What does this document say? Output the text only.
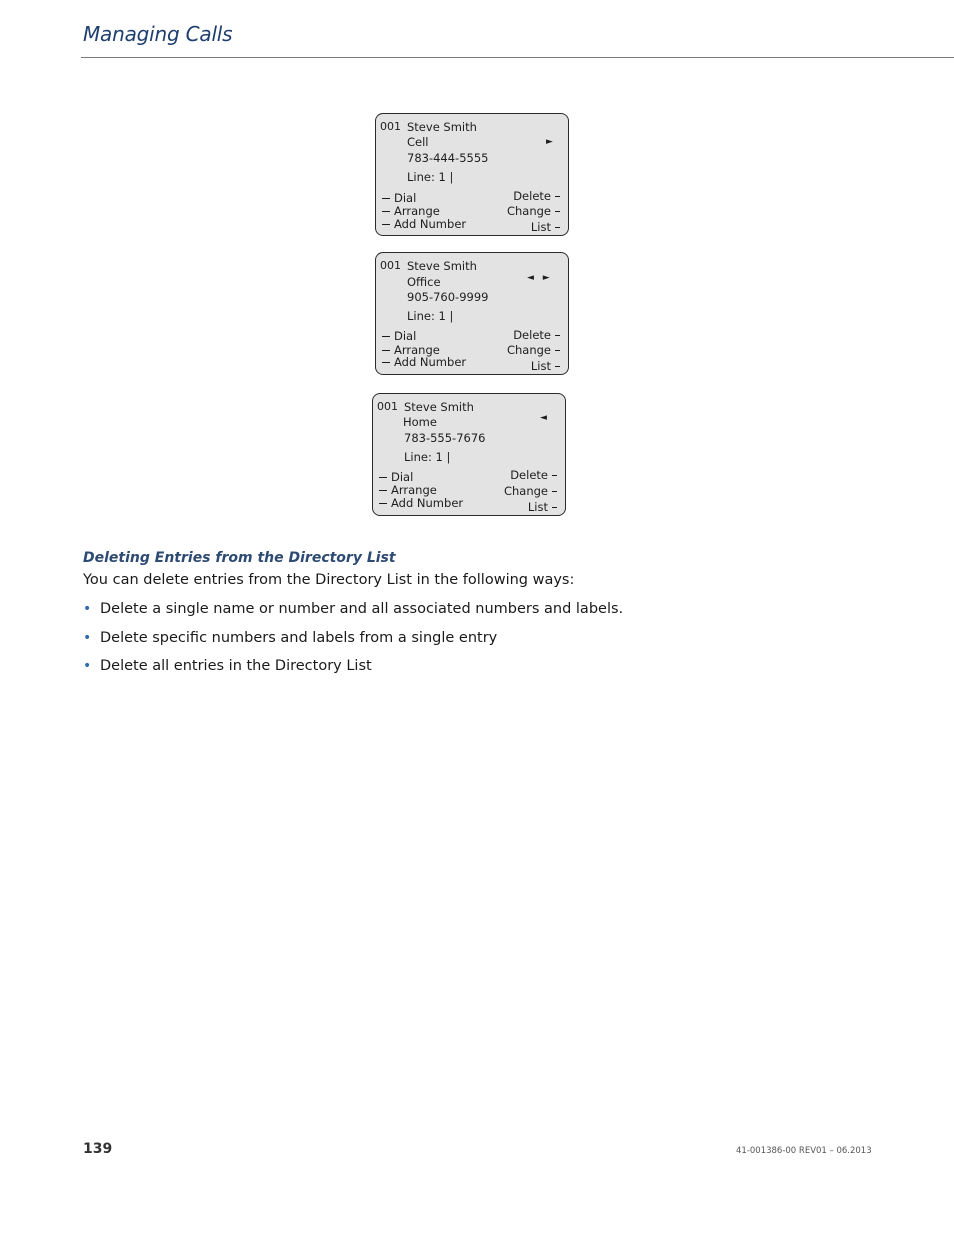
Managing Calls
001 Steve Smith
Cell	►
783-444-5555
Line: 1 |
Dial
Arrange
Add Number
Delete
Change
List
001 Steve Smith
Office	◄ ►
905-760-9999
Line: 1 |
Dial
Arrange
Add Number
Delete
Change
List
001 Steve Smith
Home	◄
783-555-7676
Line: 1 |
Dial
Arrange
Add Number
Delete
Change
List
Deleting Entries from the Directory List
You can delete entries from the Directory List in the following ways:
• Delete a single name or number and all associated numbers and labels.
• Delete specific numbers and labels from a single entry
• Delete all entries in the Directory List
139	41-001386-00 REV01 – 06.2013
